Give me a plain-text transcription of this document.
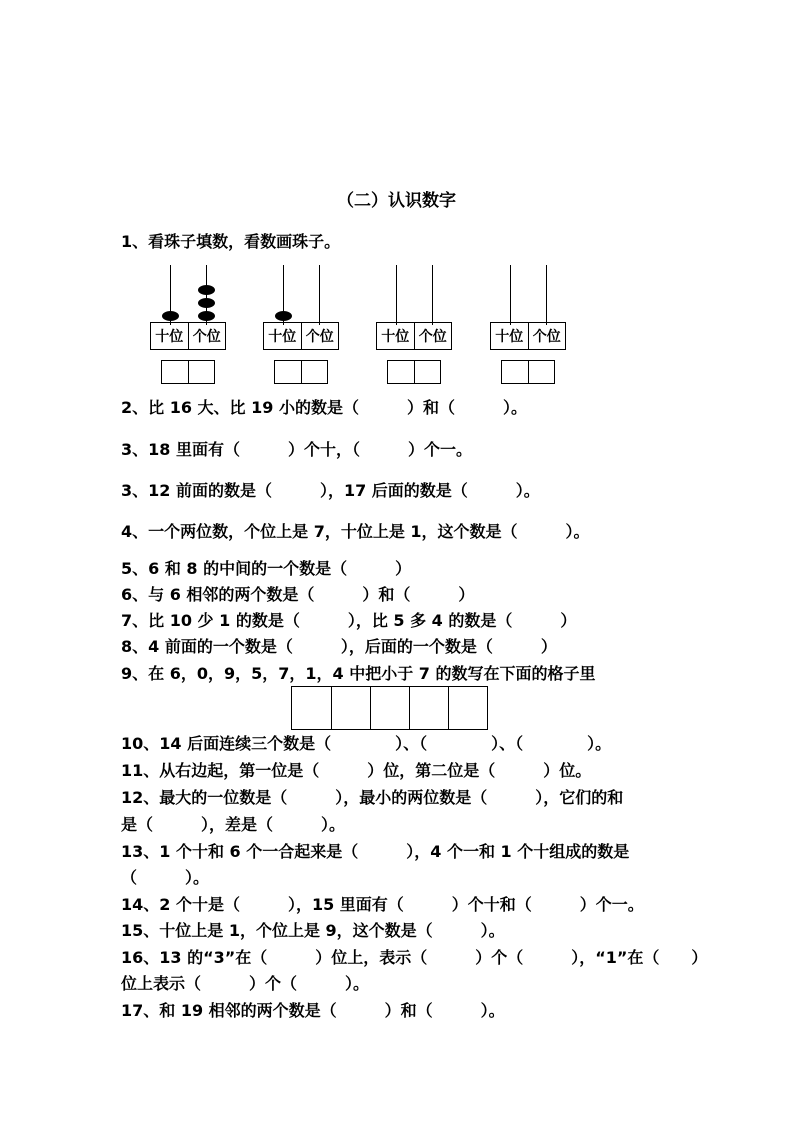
（二）认识数字
1、看珠子填数，看数画珠子。
十位 个位	十位 个位	十位 个位	十位 个位
2、比 16 大、比 19 小的数是（　　　）和（　　　）。
3、18 里面有（　　　）个十，（　　　）个一。
3、12 前面的数是（　　　），17 后面的数是（　　　）。
4、一个两位数，个位上是 7，十位上是 1，这个数是（　　　）。
5、6 和 8 的中间的一个数是（　　　）
6、与 6 相邻的两个数是（　　　）和（　　　）
7、比 10 少 1 的数是（　　　），比 5 多 4 的数是（　　　）
8、4 前面的一个数是（　　　），后面的一个数是（　　　）
9、在 6，0，9，5，7，1，4 中把小于 7 的数写在下面的格子里
10、14 后面连续三个数是（　　　　）、（　　　　）、（　　　　）。
11、从右边起，第一位是（　　　）位，第二位是（　　　）位。
12、最大的一位数是（　　　），最小的两位数是（　　　），它们的和
是（　　　），差是（　　　）。
13、1 个十和 6 个一合起来是（　　　），4 个一和 1 个十组成的数是
（　　　）。
14、2 个十是（　　　），15 里面有（　　　）个十和（　　　）个一。
15、十位上是 1，个位上是 9，这个数是（　　　）。
16、13 的“3”在（　　　）位上，表示（　　　）个（　　　），“1”在（　　）
位上表示（　　　）个（　　　）。
17、和 19 相邻的两个数是（　　　）和（　　　）。
